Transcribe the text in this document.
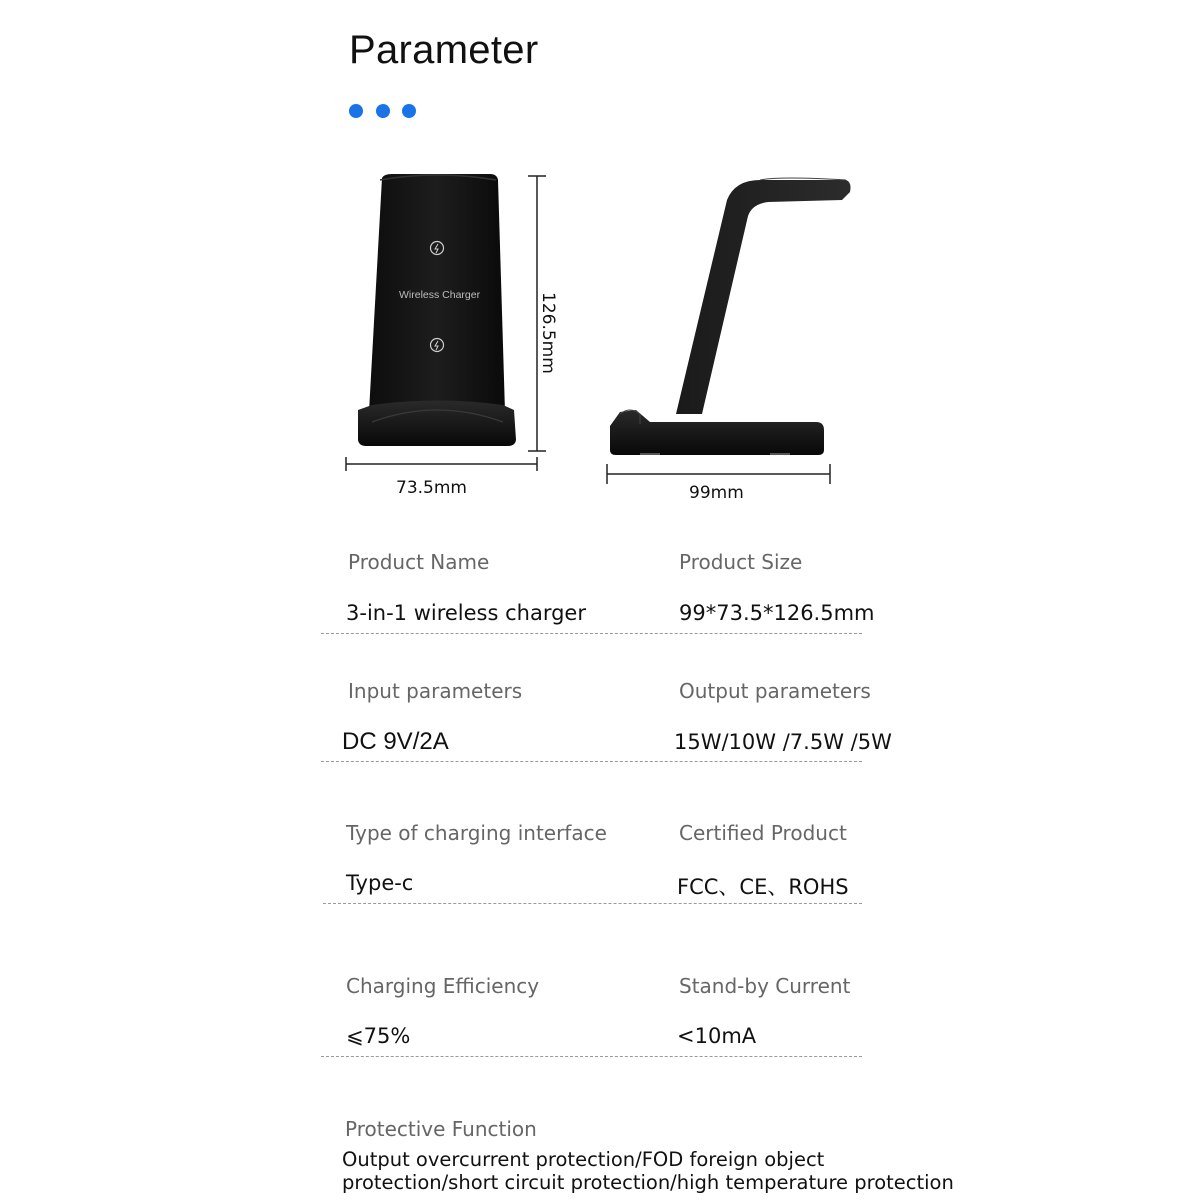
Parameter
Wireless Charger	126.5mm
73.5mm	99mm
Product Name	Product Size
3-in-1 wireless charger	99*73.5*126.5mm
Input parameters	Output parameters
DC 9V/2A	15W/10W /7.5W /5W
Type of charging interface	Certified Product
Type-c	FCC、CE、ROHS
Charging Efficiency	Stand-by Current
⩽75%	<10mA
Protective Function
Output overcurrent protection/FOD foreign object
protection/short circuit protection/high temperature protection
